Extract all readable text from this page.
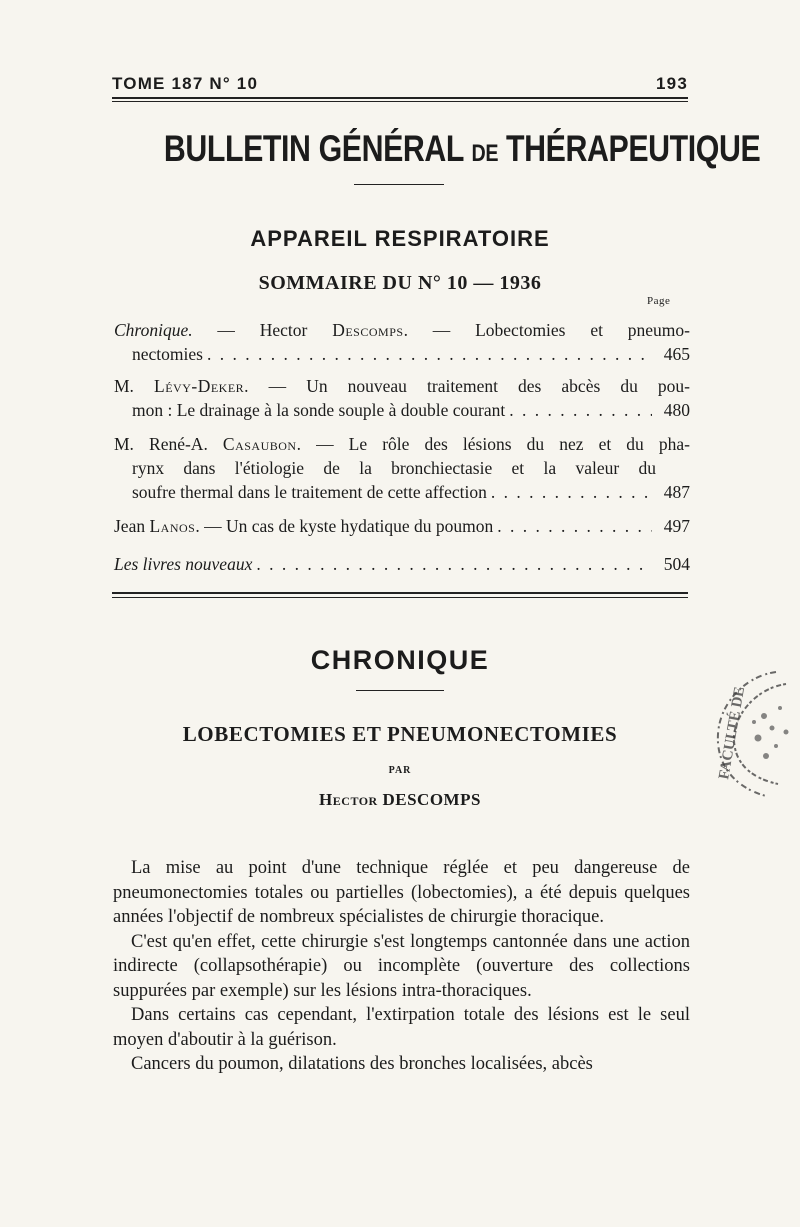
TOME 187 N° 10	193
BULLETIN GÉNÉRAL DE THÉRAPEUTIQUE
APPAREIL RESPIRATOIRE
SOMMAIRE DU N° 10 — 1936
Page
Chronique. — Hector Descomps. — Lobectomies et pneumo-
nectomies . . .	465
M. Lévy-Deker. — Un nouveau traitement des abcès du pou-
mon : Le drainage à la sonde souple à double courant . . .	480
M. René-A. Casaubon. — Le rôle des lésions du nez et du pha-
rynx dans l'étiologie de la bronchiectasie et la valeur du
soufre thermal dans le traitement de cette affection . . .	487
Jean Lanos. — Un cas de kyste hydatique du poumon . . .	497
Les livres nouveaux . . .	504
CHRONIQUE
LOBECTOMIES ET PNEUMONECTOMIES
PAR
Hector DESCOMPS

La mise au point d'une technique réglée et peu dangereuse de pneumonectomies totales ou partielles (lobectomies), a été depuis quelques années l'objectif de nombreux spécialistes de chirurgie thoracique.

C'est qu'en effet, cette chirurgie s'est longtemps cantonnée dans une action indirecte (collapsothérapie) ou incomplète (ouverture des collections suppurées par exemple) sur les lésions intra-thoraciques.

Dans certains cas cependant, l'extirpation totale des lésions est le seul moyen d'aboutir à la guérison.

Cancers du poumon, dilatations des bronches localisées, abcès

FACULTÉ DE
